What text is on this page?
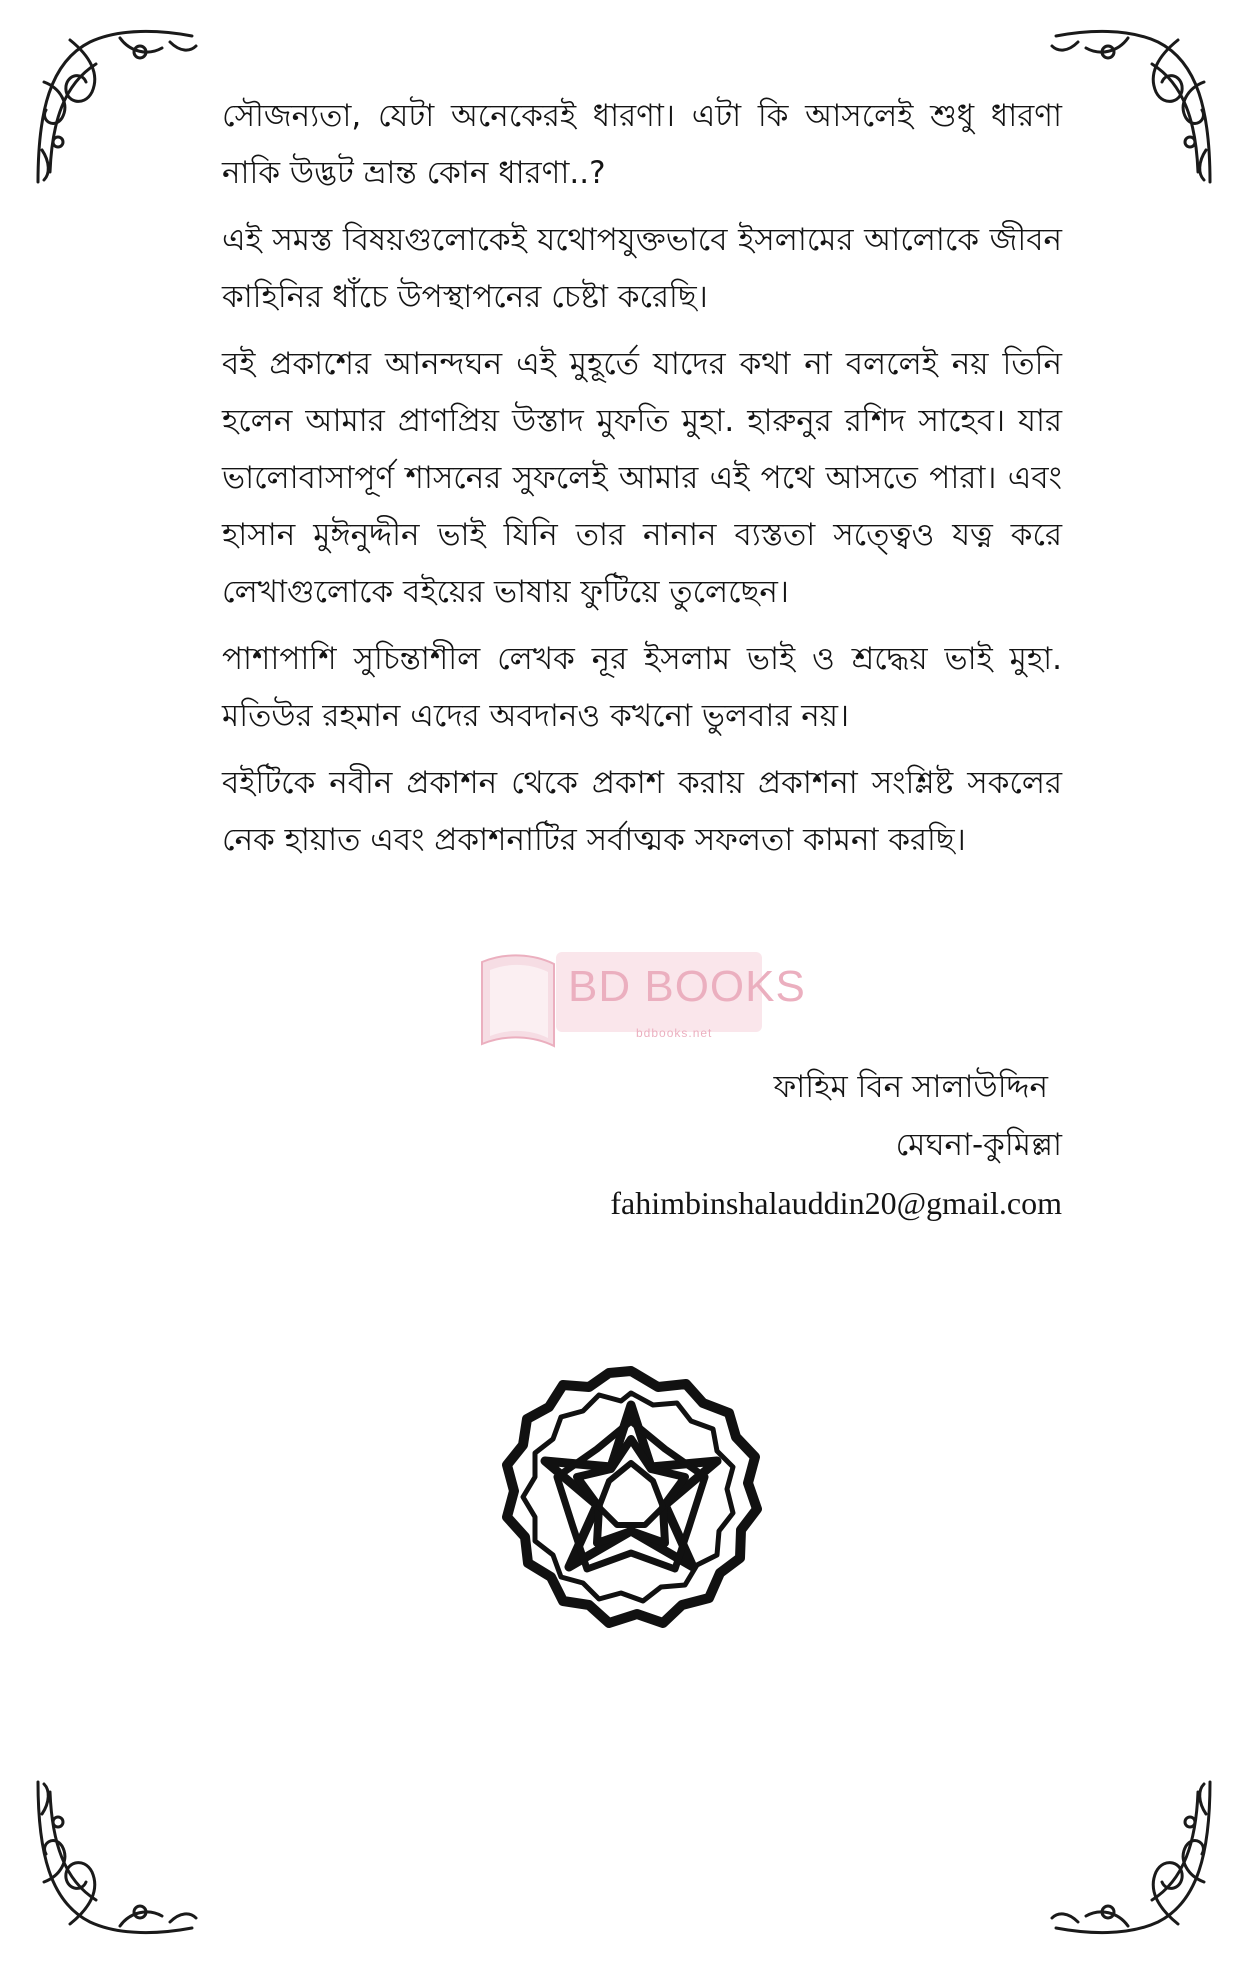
সৌজন্যতা, যেটা অনেকেরই ধারণা। এটা কি আসলেই শুধু ধারণা নাকি উদ্ভট ভ্রান্ত কোন ধারণা..?

এই সমস্ত বিষয়গুলোকেই যথোপযুক্তভাবে ইসলামের আলোকে জীবন কাহিনির ধাঁচে উপস্থাপনের চেষ্টা করেছি।

বই প্রকাশের আনন্দঘন এই মুহূর্তে যাদের কথা না বললেই নয় তিনি হলেন আমার প্রাণপ্রিয় উস্তাদ মুফতি মুহা. হারুনুর রশিদ সাহেব। যার ভালোবাসাপূর্ণ শাসনের সুফলেই আমার এই পথে আসতে পারা। এবং হাসান মুঈনুদ্দীন ভাই যিনি তার নানান ব্যস্ততা সত্ত্বেও যত্ন করে লেখাগুলোকে বইয়ের ভাষায় ফুটিয়ে তুলেছেন।

পাশাপাশি সুচিন্তাশীল লেখক নূর ইসলাম ভাই ও শ্রদ্ধেয় ভাই মুহা. মতিউর রহমান এদের অবদানও কখনো ভুলবার নয়।

বইটিকে নবীন প্রকাশন থেকে প্রকাশ করায় প্রকাশনা সংশ্লিষ্ট সকলের নেক হায়াত এবং প্রকাশনাটির সর্বাত্মক সফলতা কামনা করছি।

BD BOOKS
bdbooks.net
ফাহিম বিন সালাউদ্দিন
মেঘনা-কুমিল্লা
fahimbinshalauddin20@gmail.com
